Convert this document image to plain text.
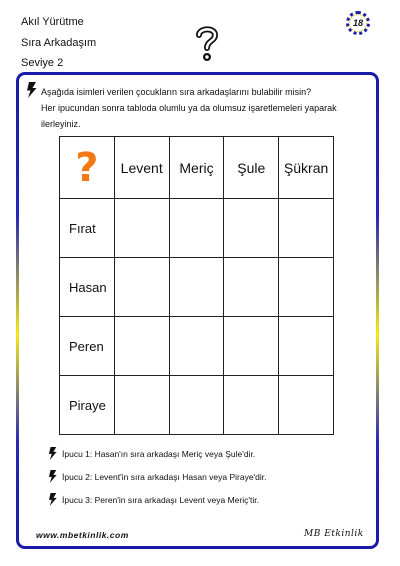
Akıl Yürütme
Sıra Arkadaşım
Seviye 2
18
Aşağıda isimleri verilen çocukların sıra arkadaşlarını bulabilir misin?
Her ipucundan sonra tabloda olumlu ya da olumsuz işaretlemeleri yaparak
ilerleyiniz.
?	Levent	Meriç	Şule	Şükran
Fırat				
Hasan				
Peren				
Piraye				
İpucu 1: Hasan'ın sıra arkadaşı Meriç veya Şule'dir.
İpucu 2: Levent'in sıra arkadaşı Hasan veya Piraye'dir.
İpucu 3: Peren'in sıra arkadaşı Levent veya Meriç'tir.
www.mbetkinlik.com	MB Etkinlik
